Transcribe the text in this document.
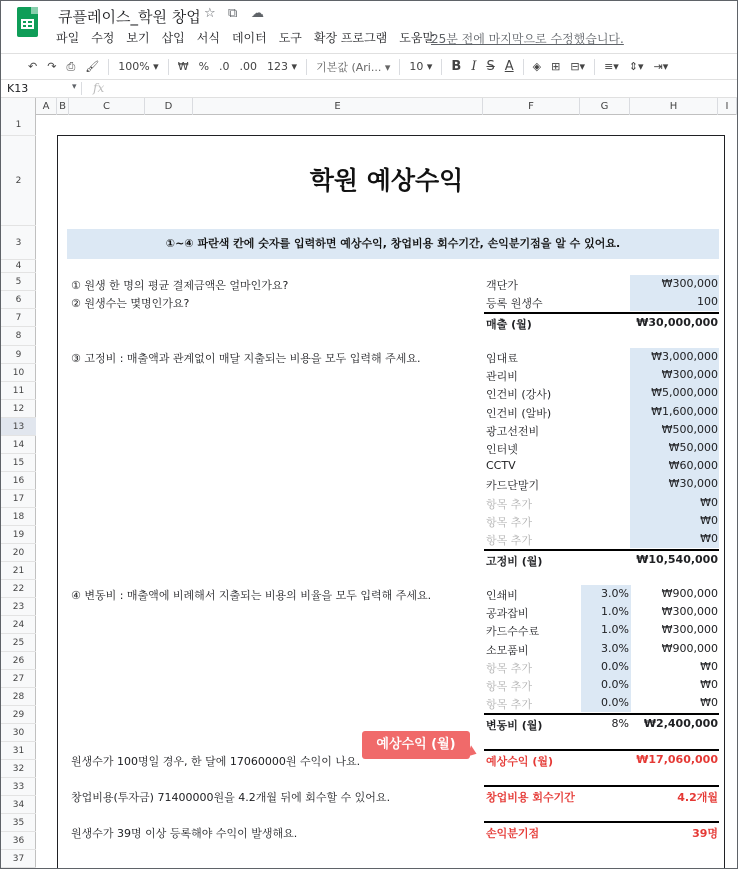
큐플레이스_학원 창업 ☆ ⧉ ☁
파일 수정 보기 삽입 서식 데이터 도구 확장 프로그램 도움말
25분 전에 마지막으로 수정했습니다.
↶ ↷ ⎙ 🖌	100% ▾	₩ % .0 .00 123 ▾	기본값 (Ari... ▾	10 ▾	B I S A	◈ ⊞ ⊟▾	≡▾ ⇕▾ ⇥▾
K13	▾ fx
A B	C	D	E	F	G	H	I
1
2
3
4
5
6
7
8
9
10
11
12
13
14
15
16
17
18
19
20
21
22
23
24
25
26
27
28
29
30
31
32
33
34
35
36
37
학원 예상수익
①~④ 파란색 칸에 숫자를 입력하면 예상수익, 창업비용 회수기간, 손익분기점을 알 수 있어요.
① 원생 한 명의 평균 결제금액은 얼마인가요?
② 원생수는 몇명인가요?
③ 고정비 : 매출액과 관계없이 매달 지출되는 비용을 모두 입력해 주세요.
④ 변동비 : 매출액에 비례해서 지출되는 비용의 비율을 모두 입력해 주세요.
객단가	₩300,000
등록 원생수	100
매출 (월)	₩30,000,000
임대료	₩3,000,000
관리비	₩300,000
인건비 (강사)	₩5,000,000
인건비 (알바)	₩1,600,000
광고선전비	₩500,000
인터넷	₩50,000
CCTV	₩60,000
카드단말기	₩30,000
항목 추가	₩0
항목 추가	₩0
항목 추가	₩0
고정비 (월)	₩10,540,000
인쇄비	3.0%	₩900,000
공과잡비	1.0%	₩300,000
카드수수료	1.0%	₩300,000
소모품비	3.0%	₩900,000
항목 추가	0.0%	₩0
항목 추가	0.0%	₩0
항목 추가	0.0%	₩0
변동비 (월)	8% ₩2,400,000
원생수가 100명일 경우, 한 달에 17060000원 수익이 나요.	예상수익 (월)	₩17,060,000
창업비용(투자금) 71400000원을 4.2개월 뒤에 회수할 수 있어요.	창업비용 회수기간	4.2개월
원생수가 39명 이상 등록해야 수익이 발생해요.	손익분기점	39명
예상수익 (월)
